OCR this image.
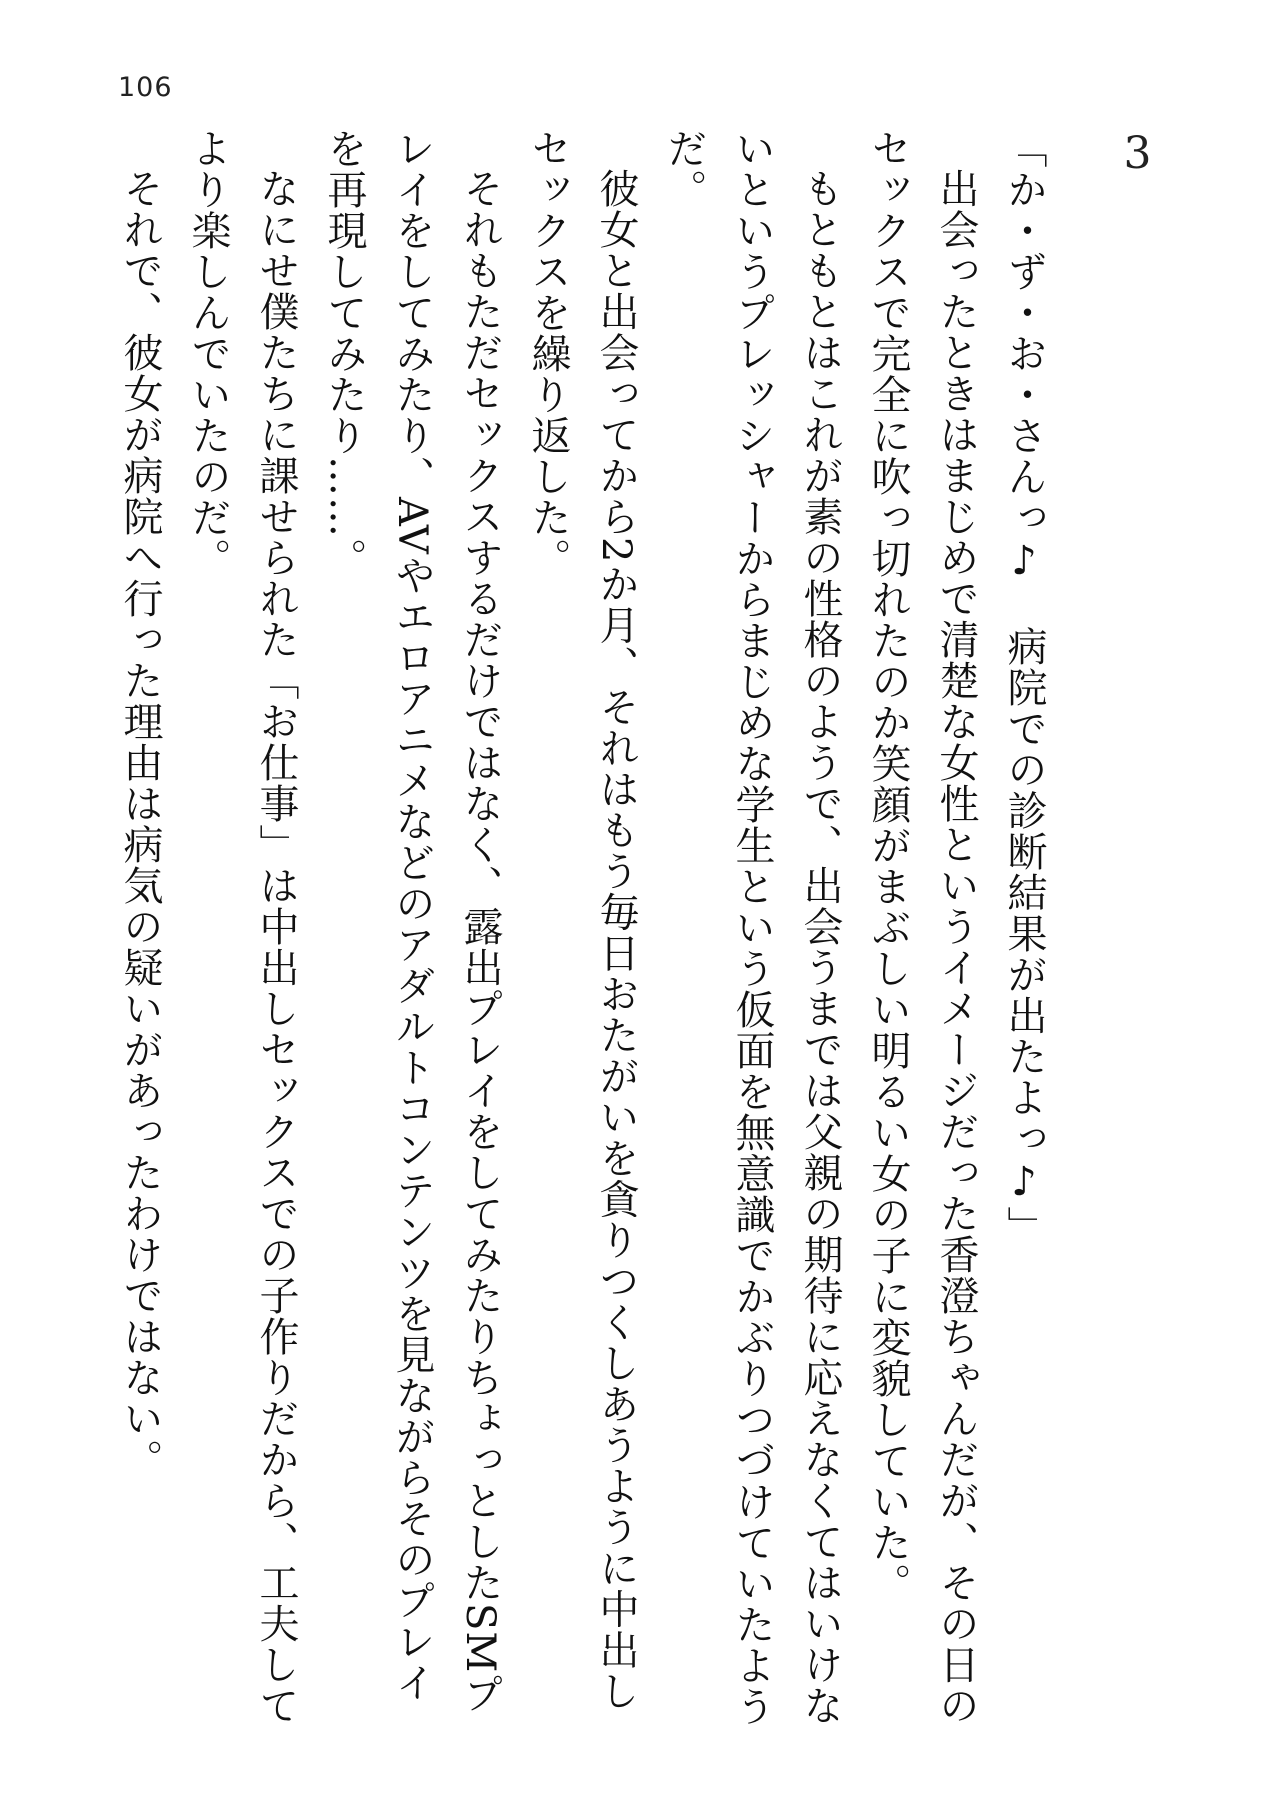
106
3

「か・ず・お・さんっ♪　病院での診断結果が出たよっ♪」

出会ったときはまじめで清楚な女性というイメージだった香澄ちゃんだが、その日のセックスで完全に吹っ切れたのか笑顔がまぶしい明るい女の子に変貌していた。

もともとはこれが素の性格のようで、出会うまでは父親の期待に応えなくてはいけないというプレッシャーからまじめな学生という仮面を無意識でかぶりつづけていたようだ。

彼女と出会ってから2か月、それはもう毎日おたがいを貪りつくしあうように中出しセックスを繰り返した。

それもただセックスするだけではなく、露出プレイをしてみたりちょっとしたSMプレイをしてみたり、AVやエロアニメなどのアダルトコンテンツを見ながらそのプレイを再現してみたり……。

なにせ僕たちに課せられた「お仕事」は中出しセックスでの子作りだから、工夫してより楽しんでいたのだ。

それで、彼女が病院へ行った理由は病気の疑いがあったわけではない。
